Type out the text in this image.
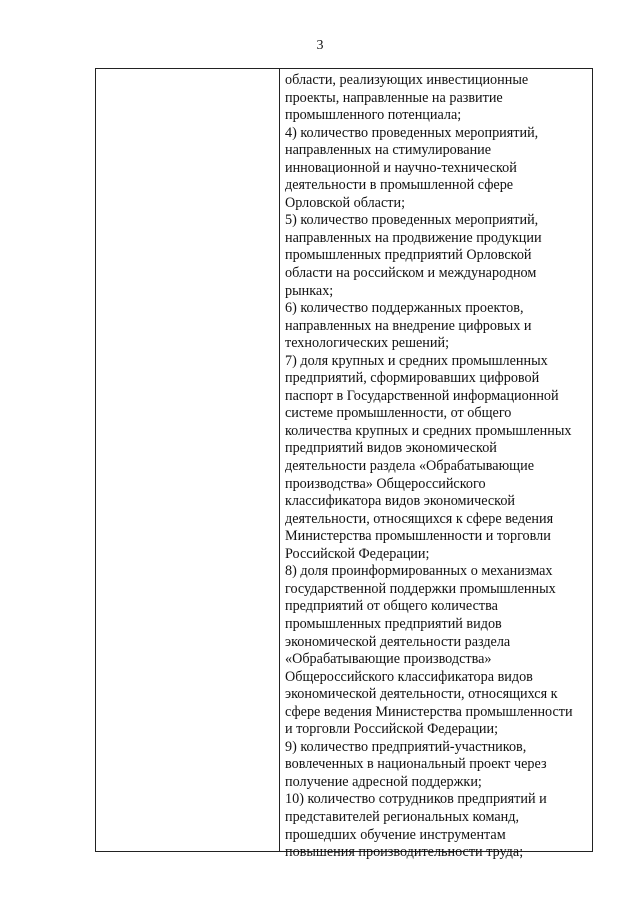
3
области, реализующих инвестиционные
проекты, направленные на развитие
промышленного потенциала;
4) количество проведенных мероприятий,
направленных на стимулирование
инновационной и научно-технической
деятельности в промышленной сфере
Орловской области;
5) количество проведенных мероприятий,
направленных на продвижение продукции
промышленных предприятий Орловской
области на российском и международном
рынках;
6) количество поддержанных проектов,
направленных на внедрение цифровых и
технологических решений;
7) доля крупных и средних промышленных
предприятий, сформировавших цифровой
паспорт в Государственной информационной
системе промышленности, от общего
количества крупных и средних промышленных
предприятий видов экономической
деятельности раздела «Обрабатывающие
производства» Общероссийского
классификатора видов экономической
деятельности, относящихся к сфере ведения
Министерства промышленности и торговли
Российской Федерации;
8) доля проинформированных о механизмах
государственной поддержки промышленных
предприятий от общего количества
промышленных предприятий видов
экономической деятельности раздела
«Обрабатывающие производства»
Общероссийского классификатора видов
экономической деятельности, относящихся к
сфере ведения Министерства промышленности
и торговли Российской Федерации;
9) количество предприятий-участников,
вовлеченных в национальный проект через
получение адресной поддержки;
10) количество сотрудников предприятий и
представителей региональных команд,
прошедших обучение инструментам
повышения производительности труда;
